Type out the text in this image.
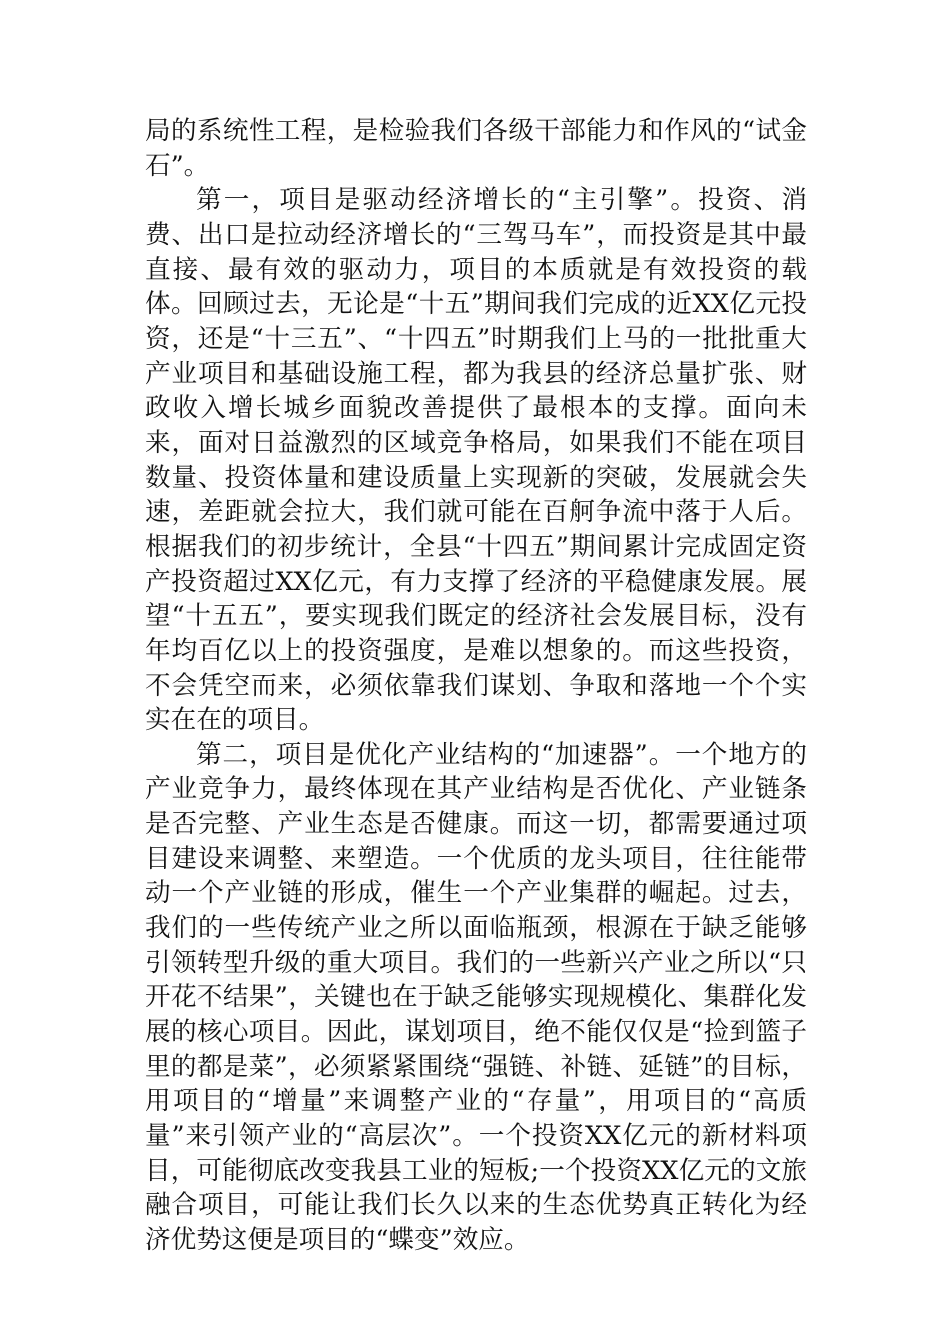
局的系统性工程，是检验我们各级干部能力和作风的“试金石”。

第一，项目是驱动经济增长的“主引擎”。投资、消费、出口是拉动经济增长的“三驾马车”，而投资是其中最直接、最有效的驱动力，项目的本质就是有效投资的载体。回顾过去，无论是“十五”期间我们完成的近XX亿元投资，还是“十三五”、“十四五”时期我们上马的一批批重大产业项目和基础设施工程，都为我县的经济总量扩张、财政收入增长城乡面貌改善提供了最根本的支撑。面向未来，面对日益激烈的区域竞争格局，如果我们不能在项目数量、投资体量和建设质量上实现新的突破，发展就会失速，差距就会拉大，我们就可能在百舸争流中落于人后。根据我们的初步统计，全县“十四五”期间累计完成固定资产投资超过XX亿元，有力支撑了经济的平稳健康发展。展望“十五五”，要实现我们既定的经济社会发展目标，没有年均百亿以上的投资强度，是难以想象的。而这些投资，不会凭空而来，必须依靠我们谋划、争取和落地一个个实实在在的项目。

第二，项目是优化产业结构的“加速器”。一个地方的产业竞争力，最终体现在其产业结构是否优化、产业链条是否完整、产业生态是否健康。而这一切，都需要通过项目建设来调整、来塑造。一个优质的龙头项目，往往能带动一个产业链的形成，催生一个产业集群的崛起。过去，我们的一些传统产业之所以面临瓶颈，根源在于缺乏能够引领转型升级的重大项目。我们的一些新兴产业之所以“只开花不结果”，关键也在于缺乏能够实现规模化、集群化发展的核心项目。因此，谋划项目，绝不能仅仅是“捡到篮子里的都是菜”，必须紧紧围绕“强链、补链、延链”的目标，用项目的“增量”来调整产业的“存量”，用项目的“高质量”来引领产业的“高层次”。一个投资XX亿元的新材料项目，可能彻底改变我县工业的短板;一个投资XX亿元的文旅融合项目，可能让我们长久以来的生态优势真正转化为经济优势这便是项目的“蝶变”效应。
